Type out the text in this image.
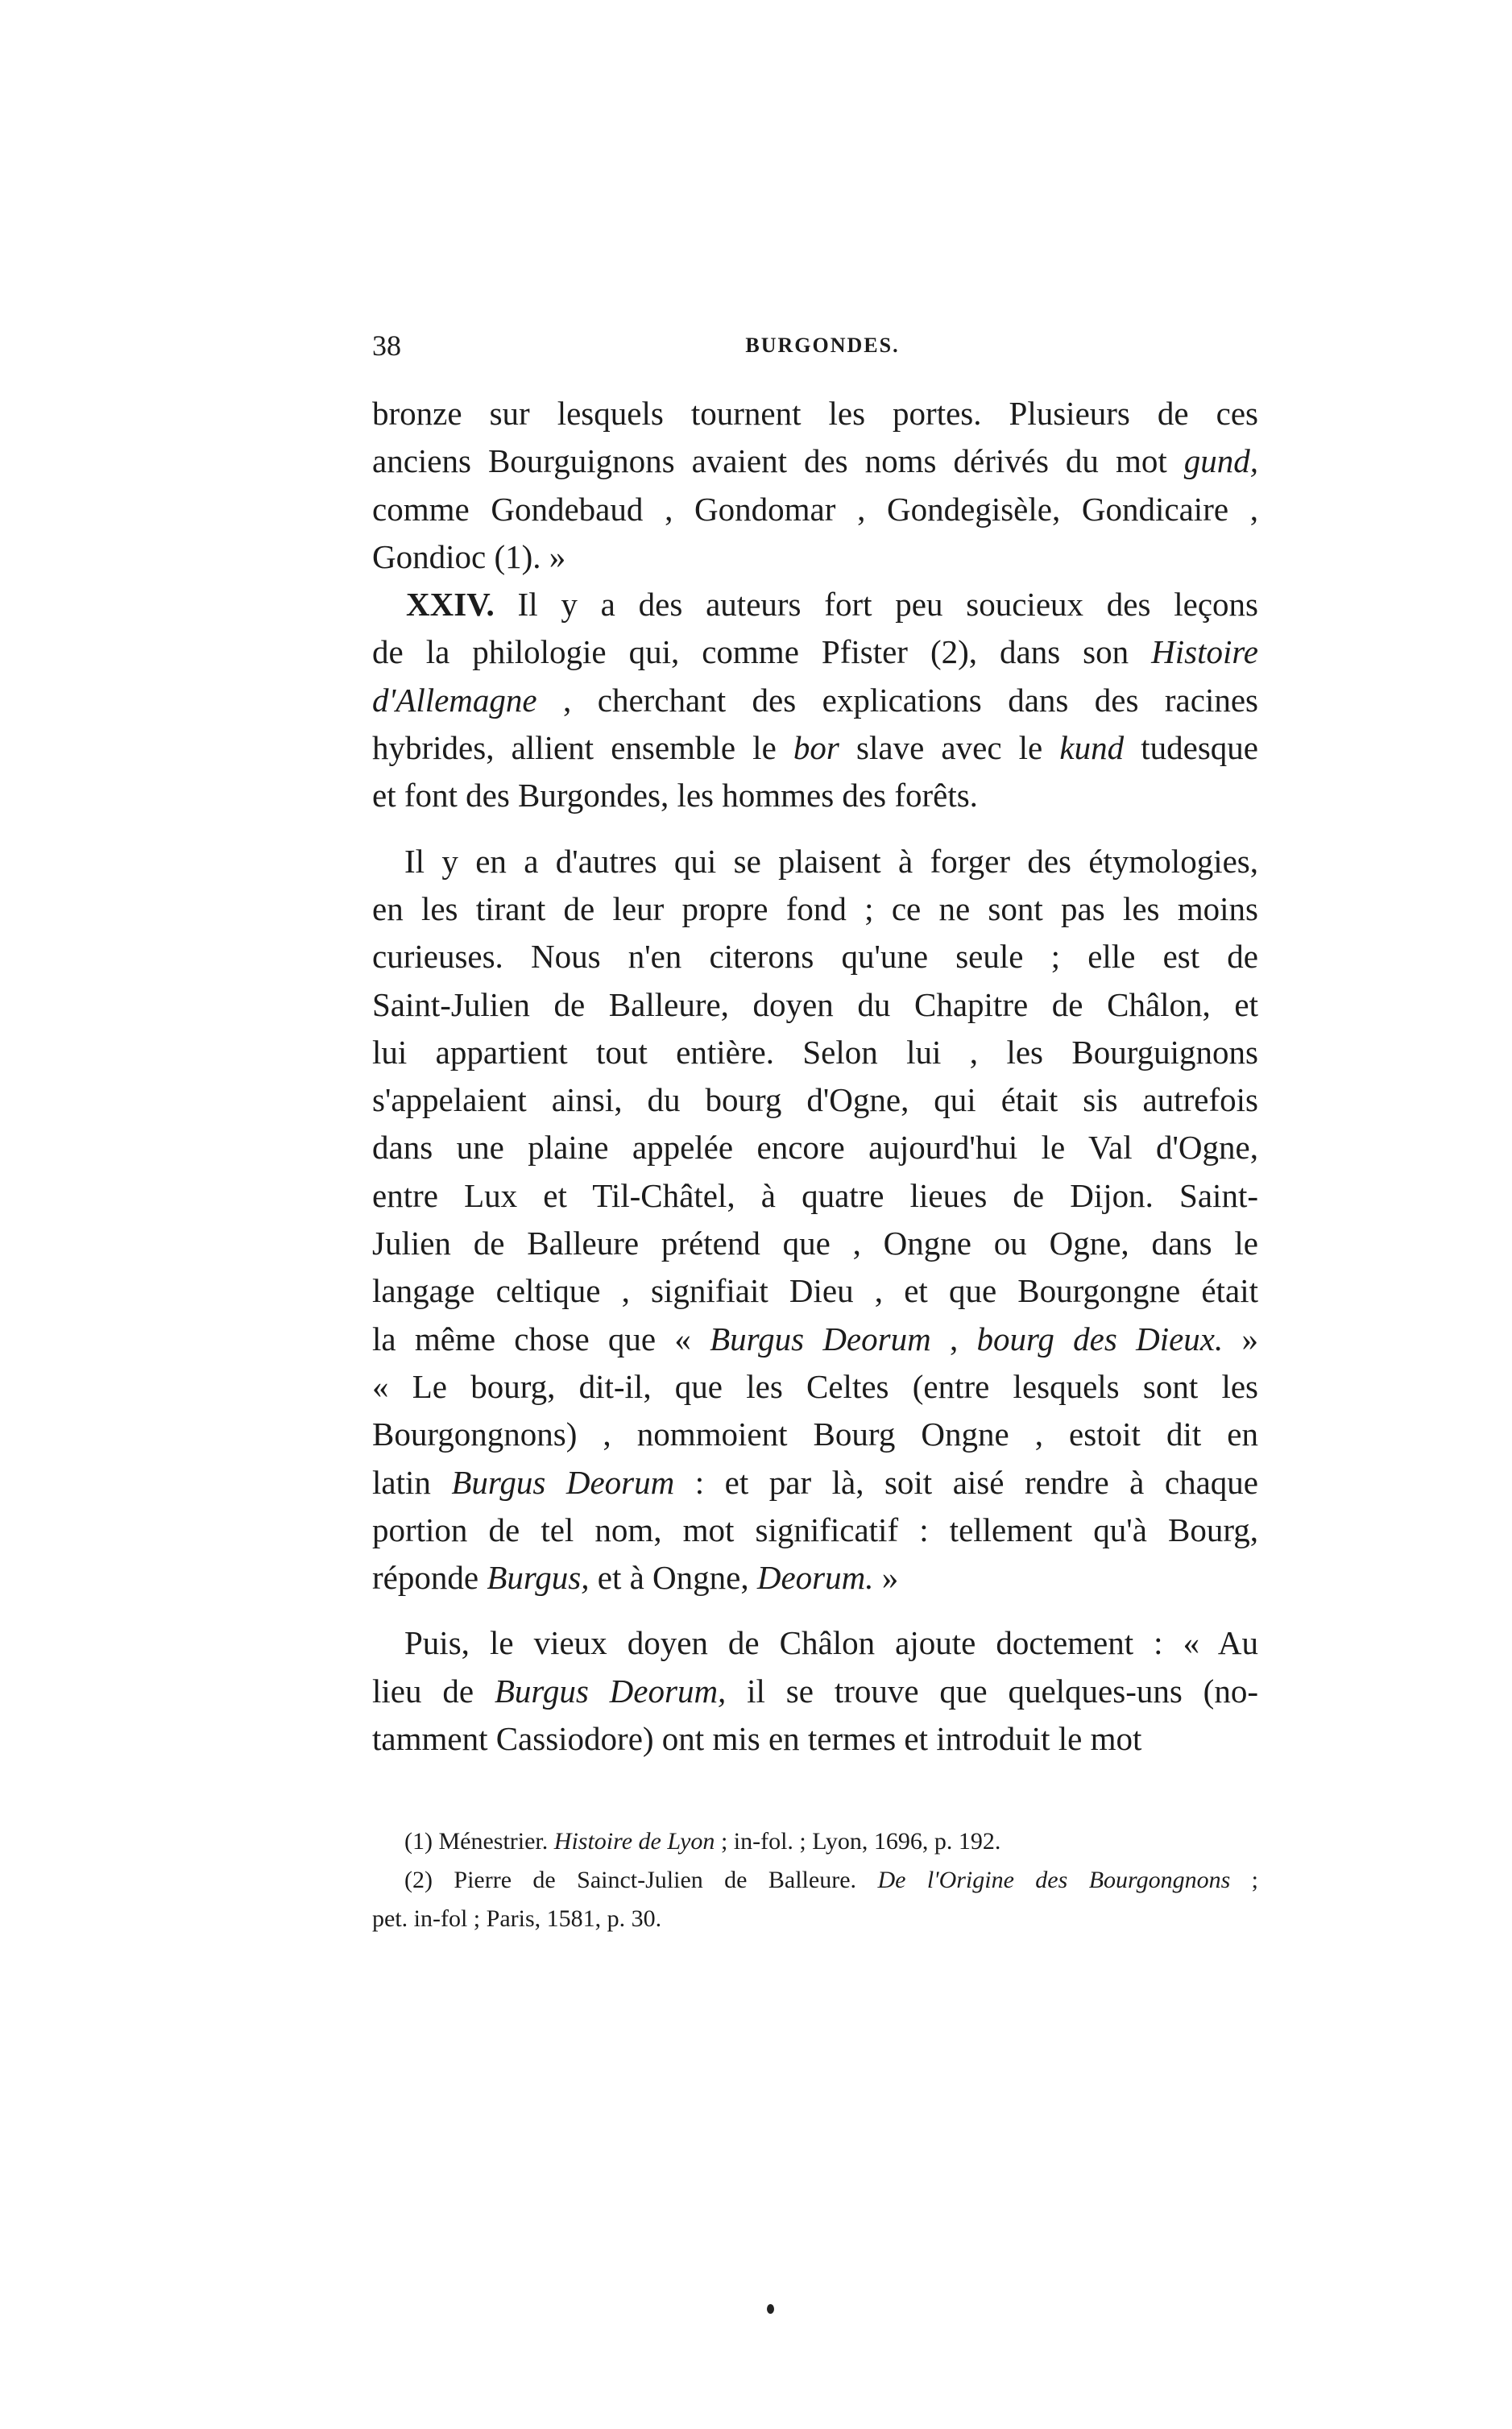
38	BURGONDES.
bronze sur lesquels tournent les portes. Plusieurs de ces
anciens Bourguignons avaient des noms dérivés du mot gund,
comme Gondebaud , Gondomar , Gondegisèle, Gondicaire ,
Gondioc (1). »
XXIV. Il y a des auteurs fort peu soucieux des leçons
de la philologie qui, comme Pfister (2), dans son Histoire
d'Allemagne , cherchant des explications dans des racines
hybrides, allient ensemble le bor slave avec le kund tudesque
et font des Burgondes, les hommes des forêts.
Il y en a d'autres qui se plaisent à forger des étymologies,
en les tirant de leur propre fond ; ce ne sont pas les moins
curieuses. Nous n'en citerons qu'une seule ; elle est de
Saint-Julien de Balleure, doyen du Chapitre de Châlon, et
lui appartient tout entière. Selon lui , les Bourguignons
s'appelaient ainsi, du bourg d'Ogne, qui était sis autrefois
dans une plaine appelée encore aujourd'hui le Val d'Ogne,
entre Lux et Til-Châtel, à quatre lieues de Dijon. Saint-
Julien de Balleure prétend que , Ongne ou Ogne, dans le
langage celtique , signifiait Dieu , et que Bourgongne était
la même chose que « Burgus Deorum , bourg des Dieux. »
« Le bourg, dit-il, que les Celtes (entre lesquels sont les
Bourgongnons) , nommoient Bourg Ongne , estoit dit en
latin Burgus Deorum : et par là, soit aisé rendre à chaque
portion de tel nom, mot significatif : tellement qu'à Bourg,
réponde Burgus, et à Ongne, Deorum. »
Puis, le vieux doyen de Châlon ajoute doctement : « Au
lieu de Burgus Deorum, il se trouve que quelques-uns (no-
tamment Cassiodore) ont mis en termes et introduit le mot
(1) Ménestrier. Histoire de Lyon ; in-fol. ; Lyon, 1696, p. 192.
(2) Pierre de Sainct-Julien de Balleure. De l'Origine des Bourgongnons ;
pet. in-fol ; Paris, 1581, p. 30.
